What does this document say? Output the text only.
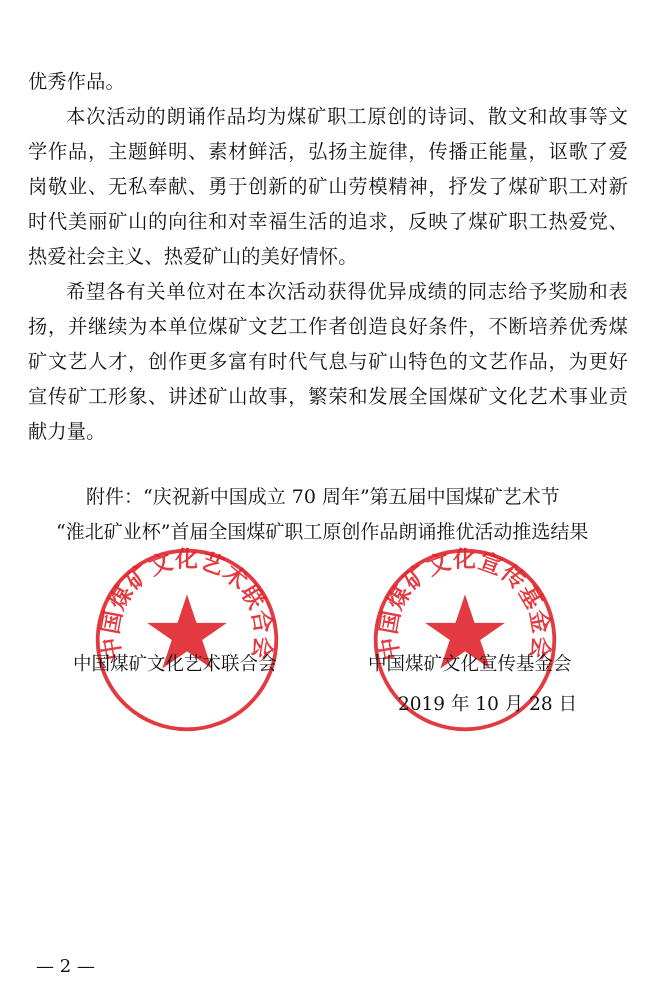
优秀作品。

本次活动的朗诵作品均为煤矿职工原创的诗词、散文和故事等文学作品，主题鲜明、素材鲜活，弘扬主旋律，传播正能量，讴歌了爱岗敬业、无私奉献、勇于创新的矿山劳模精神，抒发了煤矿职工对新时代美丽矿山的向往和对幸福生活的追求，反映了煤矿职工热爱党、热爱社会主义、热爱矿山的美好情怀。

希望各有关单位对在本次活动获得优异成绩的同志给予奖励和表扬，并继续为本单位煤矿文艺工作者创造良好条件，不断培养优秀煤矿文艺人才，创作更多富有时代气息与矿山特色的文艺作品，为更好宣传矿工形象、讲述矿山故事，繁荣和发展全国煤矿文化艺术事业贡献力量。

附件：“庆祝新中国成立 70 周年”第五届中国煤矿艺术节
“淮北矿业杯”首届全国煤矿职工原创作品朗诵推优活动推选结果
中国煤矿文化艺术联合会	中国煤矿文化宣传基金会
中国煤矿文化艺术联合会	中国煤矿文化宣传基金会
2019 年 10 月 28 日
— 2 —
